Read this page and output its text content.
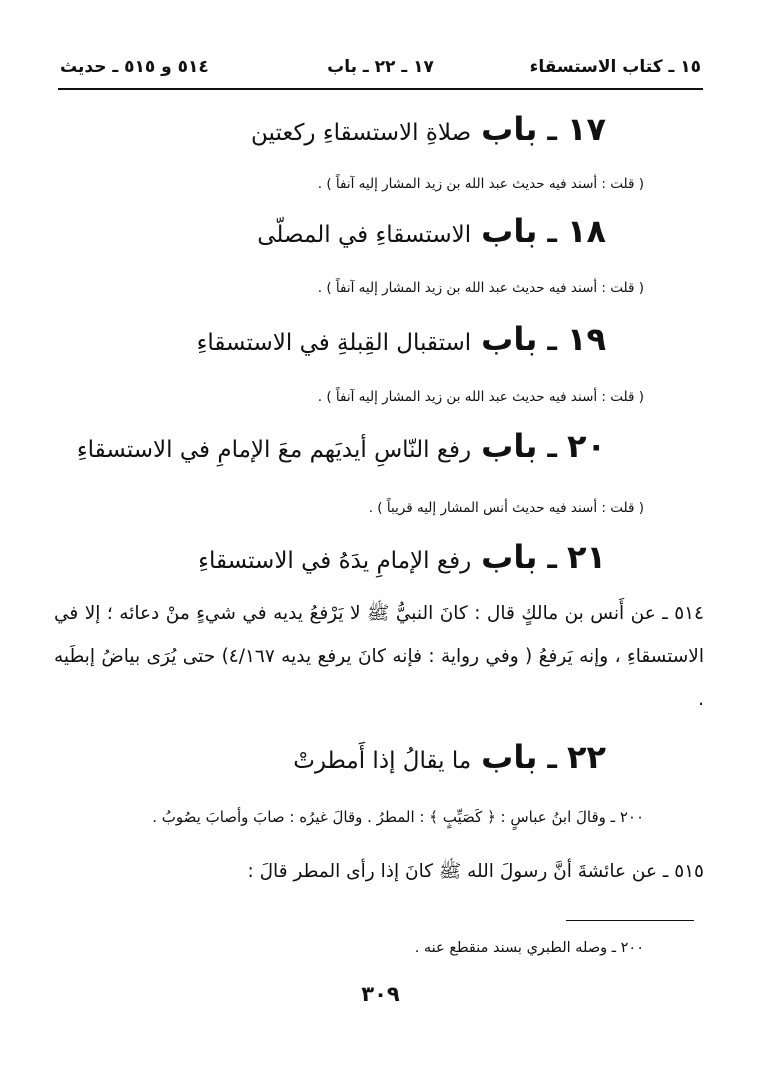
١٥ ـ كتاب الاستسقاء
١٧ ـ ٢٢ ـ باب
٥١٤ و ٥١٥ ـ حديث
١٧
ـ
باب
صلاةِ الاستسقاءِ ركعتين
( قلت : أسند فيه حديث عبد الله بن زيد المشار إليه آنفاً ) .
١٨
ـ
باب
الاستسقاءِ في المصلّى
( قلت : أسند فيه حديث عبد الله بن زيد المشار إليه آنفاً ) .
١٩
ـ
باب
استقبال القِبلةِ في الاستسقاءِ
( قلت : أسند فيه حديث عبد الله بن زيد المشار إليه آنفاً ) .
٢٠
ـ
باب
رفع النّاسِ أيديَهم معَ الإمامِ في الاستسقاءِ
( قلت : أسند فيه حديث أنس المشار إليه قريباً ) .
٢١
ـ
باب
رفع الإمامِ يدَهُ في الاستسقاءِ
٥١٤ ـ عن أَنس بن مالكٍ قال : كانَ النبيُّ ﷺ لا يَرْفعُ يديه في شيءٍ منْ دعائه ؛ إلا في الاستسقاءِ ، وإنه يَرفعُ ( وفي رواية : فإنه كانَ يرفع يديه ٤/١٦٧) حتى يُرَى بياضُ إبطَيه .
٢٢
ـ
باب
ما يقالُ إذا أَمطرتْ
٢٠٠ ـ وقالَ ابنُ عباسٍ : ﴿ كَصَيِّبٍ ﴾ : المطرُ . وقالَ غيرُه : صابَ وأصابَ يصُوبُ .
٥١٥ ـ عن عائشةَ أنَّ رسولَ الله ﷺ كانَ إذا رأى المطر قالَ :
٢٠٠ ـ وصله الطبري بسند منقطع عنه .
٣٠٩
